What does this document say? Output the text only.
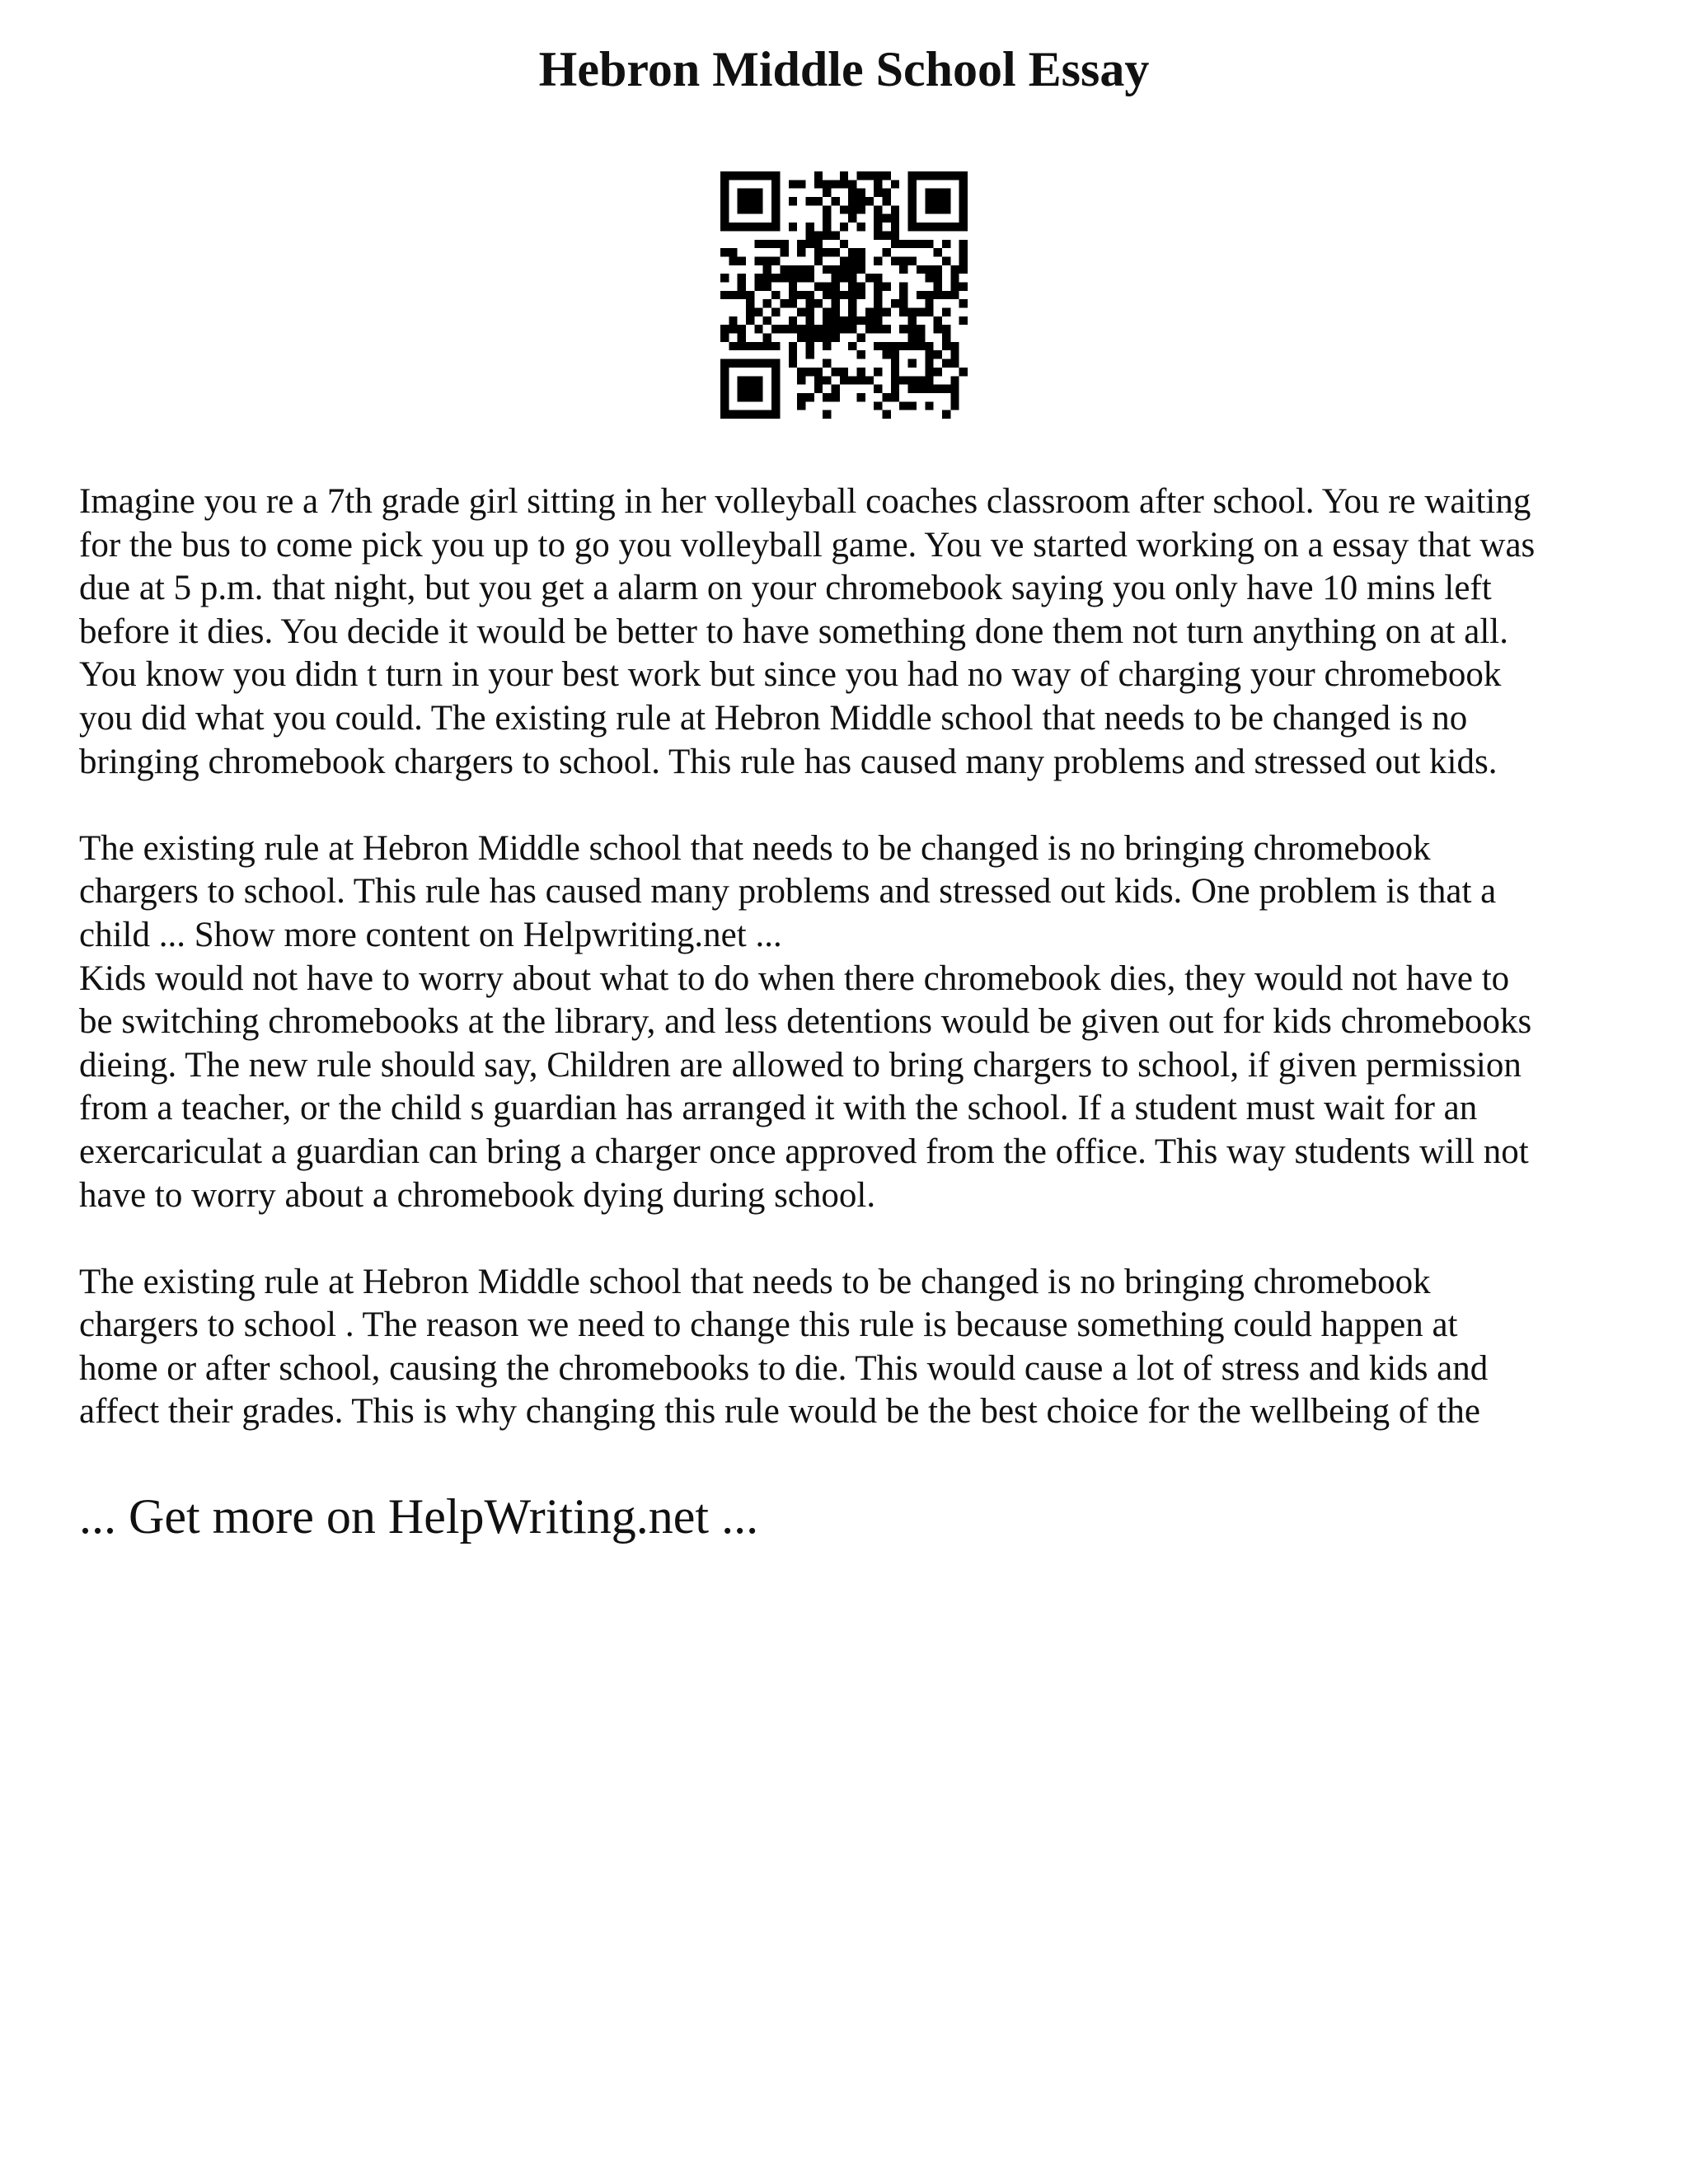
Hebron Middle School Essay

Imagine you re a 7th grade girl sitting in her volleyball coaches classroom after school. You re waiting
for the bus to come pick you up to go you volleyball game. You ve started working on a essay that was
due at 5 p.m. that night, but you get a alarm on your chromebook saying you only have 10 mins left
before it dies. You decide it would be better to have something done them not turn anything on at all.
You know you didn t turn in your best work but since you had no way of charging your chromebook
you did what you could. The existing rule at Hebron Middle school that needs to be changed is no
bringing chromebook chargers to school. This rule has caused many problems and stressed out kids.

The existing rule at Hebron Middle school that needs to be changed is no bringing chromebook
chargers to school. This rule has caused many problems and stressed out kids. One problem is that a
child ... Show more content on Helpwriting.net ...
Kids would not have to worry about what to do when there chromebook dies, they would not have to
be switching chromebooks at the library, and less detentions would be given out for kids chromebooks
dieing. The new rule should say, Children are allowed to bring chargers to school, if given permission
from a teacher, or the child s guardian has arranged it with the school. If a student must wait for an
exercariculat a guardian can bring a charger once approved from the office. This way students will not
have to worry about a chromebook dying during school.

The existing rule at Hebron Middle school that needs to be changed is no bringing chromebook
chargers to school . The reason we need to change this rule is because something could happen at
home or after school, causing the chromebooks to die. This would cause a lot of stress and kids and
affect their grades. This is why changing this rule would be the best choice for the wellbeing of the

... Get more on HelpWriting.net ...
